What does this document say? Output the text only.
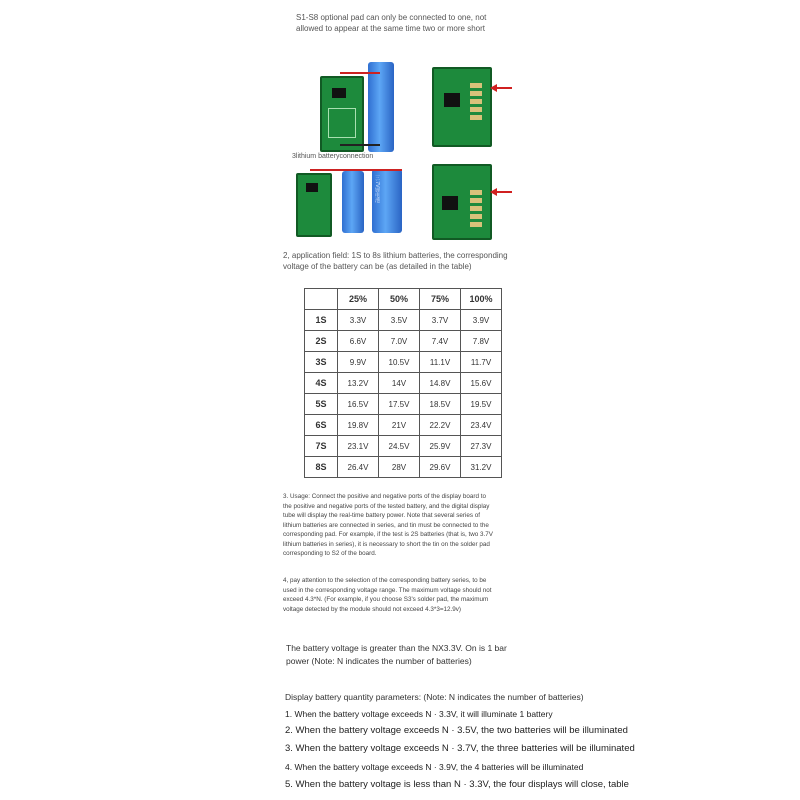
S1-S8 optional pad can only be connected to one, not
allowed to appear at the same time two or more short
3lithium batteryconnection
三.7V锂电池
2, application field: 1S to 8s lithium batteries, the corresponding
voltage of the battery can be (as detailed in the table)
	25%	50%	75%	100%
1S	3.3V	3.5V	3.7V	3.9V
2S	6.6V	7.0V	7.4V	7.8V
3S	9.9V	10.5V	11.1V	11.7V
4S	13.2V	14V	14.8V	15.6V
5S	16.5V	17.5V	18.5V	19.5V
6S	19.8V	21V	22.2V	23.4V
7S	23.1V	24.5V	25.9V	27.3V
8S	26.4V	28V	29.6V	31.2V
3. Usage: Connect the positive and negative ports of the display board to
the positive and negative ports of the tested battery, and the digital display
tube will display the real-time battery power. Note that several series of
lithium batteries are connected in series, and tin must be connected to the
corresponding pad. For example, if the test is 2S batteries (that is, two 3.7V
lithium batteries in series), it is necessary to short the tin on the solder pad
corresponding to S2 of the board.
4, pay attention to the selection of the corresponding battery series, to be
used in the corresponding voltage range. The maximum voltage should not
exceed 4.3*N. (For example, if you choose S3's solder pad, the maximum
voltage detected by the module should not exceed 4.3*3=12.9v)
The battery voltage is greater than the NX3.3V. On is 1 bar
power (Note: N indicates the number of batteries)
Display battery quantity parameters: (Note: N indicates the number of batteries)
1. When the battery voltage exceeds N · 3.3V, it will illuminate 1 battery
2. When the battery voltage exceeds N · 3.5V, the two batteries will be illuminated
3. When the battery voltage exceeds N · 3.7V, the three batteries will be illuminated
4. When the battery voltage exceeds N · 3.9V, the 4 batteries will be illuminated
5. When the battery voltage is less than N · 3.3V, the four displays will close, table
